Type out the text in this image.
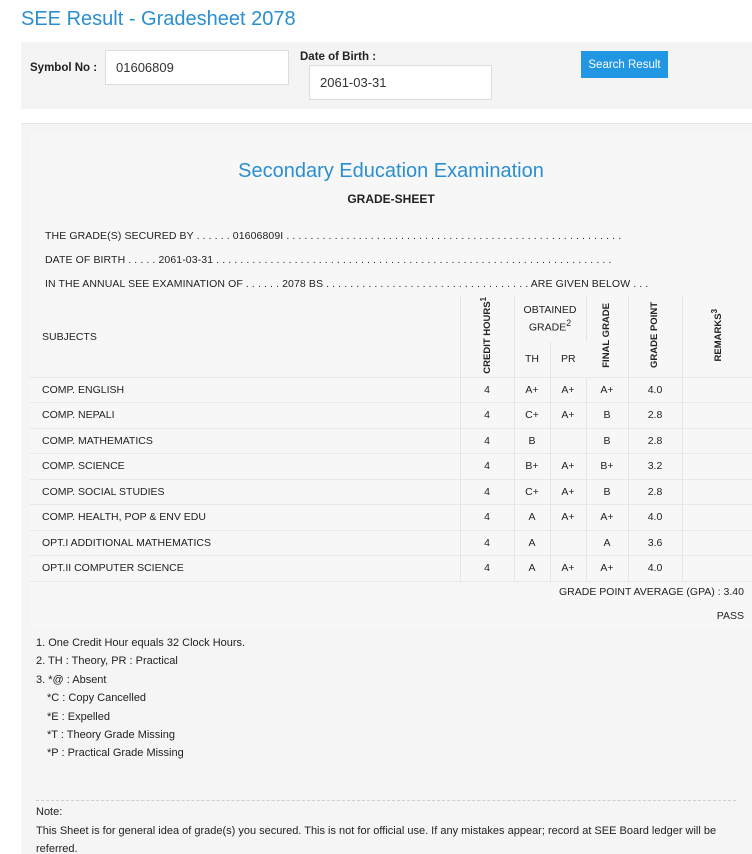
SEE Result - Gradesheet 2078
Symbol No :	01606809
Date of Birth :
2061-03-31
Search Result
Secondary Education Examination
GRADE-SHEET
THE GRADE(S) SECURED BY . . . . . . 01606809I . . . . . . . . . . . . . . . . . . . . . . . . . . . . . . . . . . . . . . . . . . . . . . . . . . . . . . . .
DATE OF BIRTH . . . . . 2061-03-31 . . . . . . . . . . . . . . . . . . . . . . . . . . . . . . . . . . . . . . . . . . . . . . . . . . . . . . . . . . . . . . . . . .
IN THE ANNUAL SEE EXAMINATION OF . . . . . . 2078 BS . . . . . . . . . . . . . . . . . . . . . . . . . . . . . . . . . . ARE GIVEN BELOW . . .
SUBJECTS	CREDIT HOURS$^1$	OBTAINED GRADE$^2$		FINAL GRADE	GRADE POINT	REMARKS$^3$
		TH	PR			
COMP. ENGLISH	4	A+	A+	A+	4.0	
COMP. NEPALI	4	C+	A+	B	2.8	
COMP. MATHEMATICS	4	B		B	2.8	
COMP. SCIENCE	4	B+	A+	B+	3.2	
COMP. SOCIAL STUDIES	4	C+	A+	B	2.8	
COMP. HEALTH, POP & ENV EDU	4	A	A+	A+	4.0	
OPT.I ADDITIONAL MATHEMATICS	4	A		A	3.6	
OPT.II COMPUTER SCIENCE	4	A	A+	A+	4.0	
GRADE POINT AVERAGE (GPA) : 3.40
PASS
1. One Credit Hour equals 32 Clock Hours.
2. TH : Theory, PR : Practical
3. *@ : Absent
*C : Copy Cancelled
*E : Expelled
*T : Theory Grade Missing
*P : Practical Grade Missing
Note:
This Sheet is for general idea of grade(s) you secured. This is not for official use. If any mistakes appear; record at SEE Board ledger will be referred.
